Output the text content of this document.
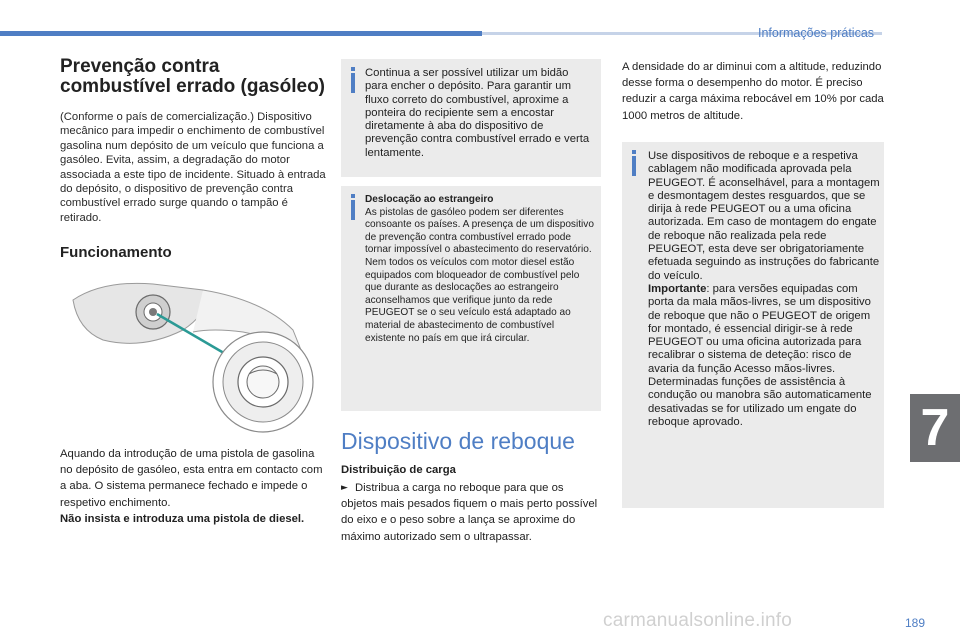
Informações práticas
Prevenção contra
combustível errado (gasóleo)

(Conforme o país de comercialização.) Dispositivo mecânico para impedir o enchimento de combustível gasolina num depósito de um veículo que funciona a gasóleo. Evita, assim, a degradação do motor associada a este tipo de incidente. Situado à entrada do depósito, o dispositivo de prevenção contra combustível errado surge quando o tampão é retirado.

Funcionamento

Aquando da introdução de uma pistola de gasolina no depósito de gasóleo, esta entra em contacto com a aba. O sistema permanece fechado e impede o respetivo enchimento.
Não insista e introduza uma pistola de diesel.

Continua a ser possível utilizar um bidão para encher o depósito. Para garantir um fluxo correto do combustível, aproxime a ponteira do recipiente sem a encostar diretamente à aba do dispositivo de prevenção contra combustível errado e verta lentamente.

Deslocação ao estrangeiro
As pistolas de gasóleo podem ser diferentes consoante os países. A presença de um dispositivo de prevenção contra combustível errado pode tornar impossível o abastecimento do reservatório. Nem todos os veículos com motor diesel estão equipados com bloqueador de combustível pelo que durante as deslocações ao estrangeiro aconselhamos que verifique junto da rede PEUGEOT se o seu veículo está adaptado ao material de abastecimento de combustível existente no país em que irá circular.
Dispositivo de reboque
Distribuição de carga

► Distribua a carga no reboque para que os objetos mais pesados fiquem o mais perto possível do eixo e o peso sobre a lança se aproxime do máximo autorizado sem o ultrapassar.

A densidade do ar diminui com a altitude, reduzindo desse forma o desempenho do motor. É preciso reduzir a carga máxima rebocável em 10% por cada 1000 metros de altitude.

Use dispositivos de reboque e a respetiva cablagem não modificada aprovada pela PEUGEOT. É aconselhável, para a montagem e desmontagem destes resguardos, que se dirija à rede PEUGEOT ou a uma oficina autorizada. Em caso de montagem do engate de reboque não realizada pela rede PEUGEOT, esta deve ser obrigatoriamente efetuada seguindo as instruções do fabricante do veículo.
Importante: para versões equipadas com porta da mala mãos-livres, se um dispositivo de reboque que não o PEUGEOT de origem for montado, é essencial dirigir-se à rede PEUGEOT ou uma oficina autorizada para recalibrar o sistema de deteção: risco de avaria da função Acesso mãos-livres. Determinadas funções de assistência à condução ou manobra são automaticamente desativadas se for utilizado um engate do reboque aprovado.	7
carmanualsonline.info	189
